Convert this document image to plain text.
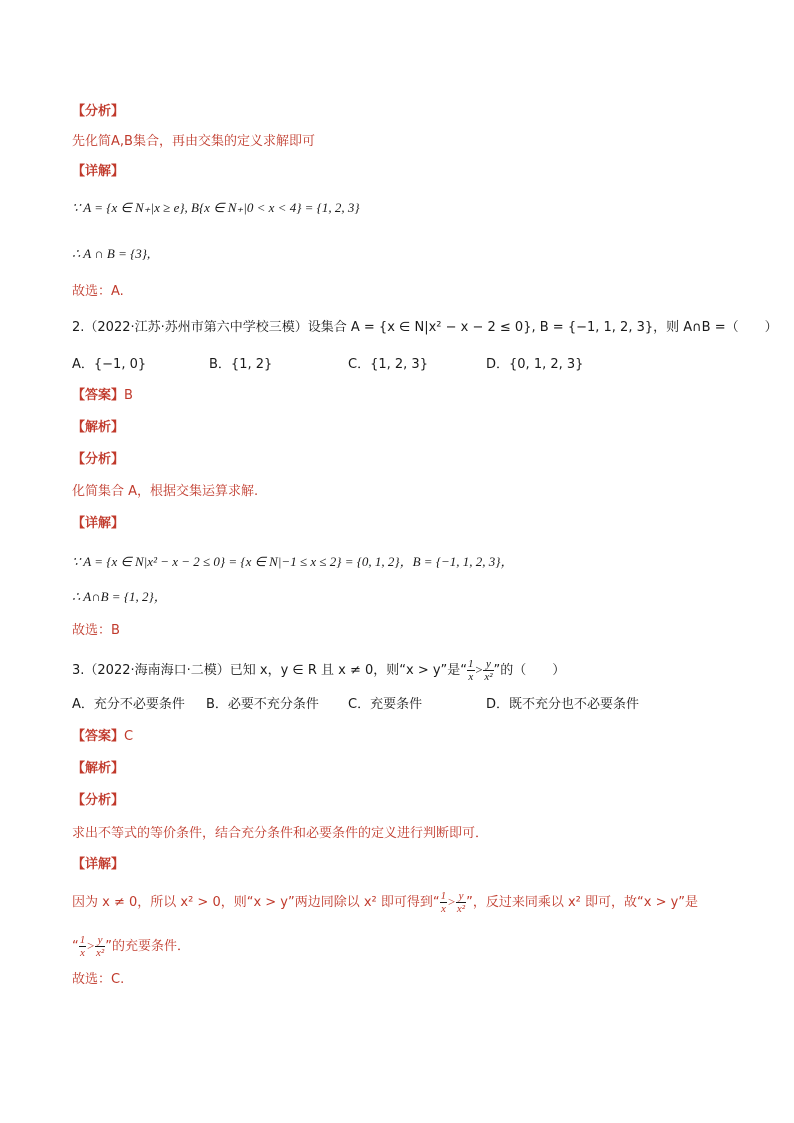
【分析】
先化简A,B集合，再由交集的定义求解即可
【详解】
∵ A = {x ∈ N₊|x ≥ e}, B{x ∈ N₊|0 < x < 4} = {1, 2, 3}
∴ A ∩ B = {3},
故选：A.
2.（2022·江苏·苏州市第六中学校三模）设集合 A = {x ∈ N|x² − x − 2 ≤ 0}, B = {−1, 1, 2, 3}，则 A∩B =（　　）
A．{−1, 0}	B．{1, 2}	C．{1, 2, 3}	D．{0, 1, 2, 3}
【答案】B
【解析】
【分析】
化简集合 A，根据交集运算求解.
【详解】
∵ A = {x ∈ N|x² − x − 2 ≤ 0} = {x ∈ N|−1 ≤ x ≤ 2} = {0, 1, 2}，B = {−1, 1, 2, 3}，
∴ A∩B = {1, 2}，
故选：B
3.（2022·海南海口·二模）已知 x，y ∈ R 且 x ≠ 0，则“x > y”是“ $\frac{1}{x} > \frac{y}{\text{x²}}$ ”的（　　）
A．充分不必要条件 B．必要不充分条件 C．充要条件	D．既不充分也不必要条件
【答案】C
【解析】
【分析】
求出不等式的等价条件，结合充分条件和必要条件的定义进行判断即可．
【详解】
因为 x ≠ 0，所以 x² > 0，则“x > y”两边同除以 x² 即可得到“ $\frac{1}{x} > \frac{y}{\text{x²}}$ ”，反过来同乘以 x² 即可，故“x > y”是
“ $\frac{1}{x} > \frac{y}{\text{x²}}$ ”的充要条件．
故选：C.
